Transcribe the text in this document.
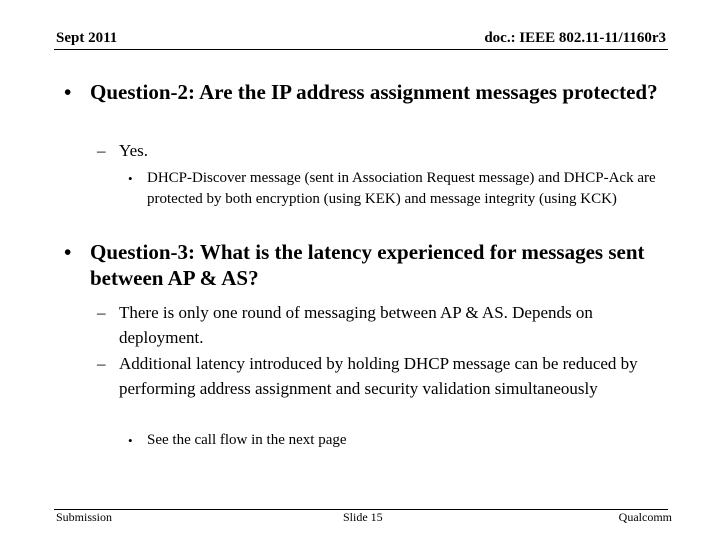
Sept 2011	doc.: IEEE 802.11-11/1160r3
• Question-2: Are the IP address assignment messages protected?
– Yes.
• DHCP-Discover message (sent in Association Request message) and DHCP-Ack are protected by both encryption (using KEK) and message integrity (using KCK)
• Question-3: What is the latency experienced for messages sent between AP & AS?
– There is only one round of messaging between AP & AS. Depends on deployment.
– Additional latency introduced by holding DHCP message can be reduced by performing address assignment and security validation simultaneously
• See the call flow in the next page
Submission	Slide 15	Qualcomm
